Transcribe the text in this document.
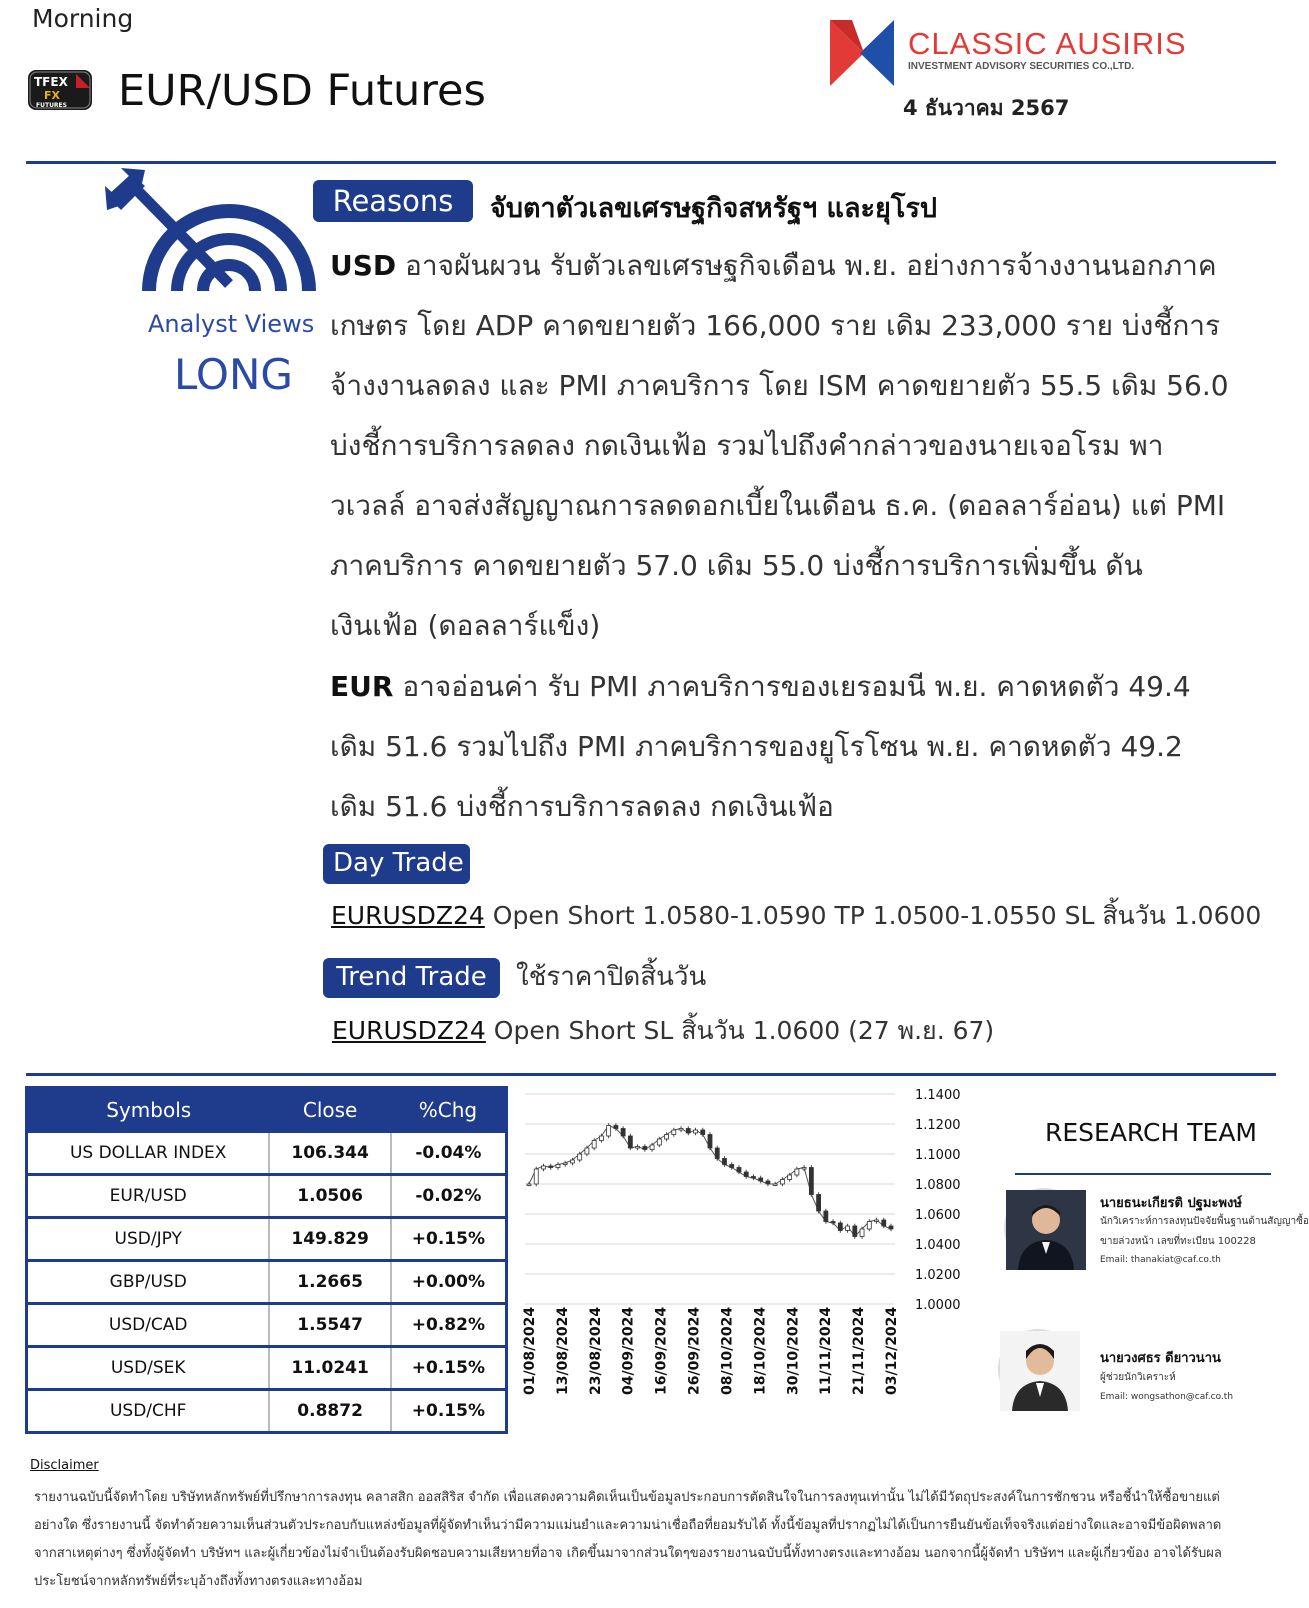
Morning
TFEX
FX
FUTURES EUR/USD Futures
CLASSIC AUSIRIS
INVESTMENT ADVISORY SECURITIES CO.,LTD.
4 ธันวาคม 2567
Analyst Views
LONG
Reasons	จับตาตัวเลขเศรษฐกิจสหรัฐฯ และยุโรป
USD อาจผันผวน รับตัวเลขเศรษฐกิจเดือน พ.ย. อย่างการจ้างงานนอกภาคเกษตร โดย ADP คาดขยายตัว 166,000 ราย เดิม 233,000 ราย บ่งชี้การจ้างงานลดลง และ PMI ภาคบริการ โดย ISM คาดขยายตัว 55.5 เดิม 56.0 บ่งชี้การบริการลดลง กดเงินเฟ้อ รวมไปถึงคำกล่าวของนายเจอโรม พาวเวลล์ อาจส่งสัญญาณการลดดอกเบี้ยในเดือน ธ.ค. (ดอลลาร์อ่อน) แต่ PMI ภาคบริการ คาดขยายตัว 57.0 เดิม 55.0 บ่งชี้การบริการเพิ่มขึ้น ดันเงินเฟ้อ (ดอลลาร์แข็ง)
EUR อาจอ่อนค่า รับ PMI ภาคบริการของเยรอมนี พ.ย. คาดหดตัว 49.4 เดิม 51.6 รวมไปถึง PMI ภาคบริการของยูโรโซน พ.ย. คาดหดตัว 49.2 เดิม 51.6 บ่งชี้การบริการลดลง กดเงินเฟ้อ
Day Trade
EURUSDZ24 Open Short 1.0580-1.0590 TP 1.0500-1.0550 SL สิ้นวัน 1.0600
Trend Trade	ใช้ราคาปิดสิ้นวัน
EURUSDZ24 Open Short SL สิ้นวัน 1.0600 (27 พ.ย. 67)
Symbols	Close	%Chg
US DOLLAR INDEX	106.344	-0.04%
EUR/USD	1.0506	-0.02%
USD/JPY	149.829	+0.15%
GBP/USD	1.2665	+0.00%
USD/CAD	1.5547	+0.82%
USD/SEK	11.0241	+0.15%
USD/CHF	0.8872	+0.15%
1.1400
1.1200
1.1000
1.0800
1.0600
1.0400
1.0200
1.0000
01/08/2024 13/08/2024 23/08/2024 04/09/2024 16/09/2024 26/09/2024 08/10/2024 18/10/2024 30/10/2024 11/11/2024 21/11/2024 03/12/2024
RESEARCH TEAM
นายธนะเกียรติ ปฐมะพงษ์
นักวิเคราะห์การลงทุนปัจจัยพื้นฐานด้านสัญญาซื้อ
ขายล่วงหน้า เลขที่ทะเบียน 100228
Email: thanakiat@caf.co.th
นายวงศธร ดียาวนาน
ผู้ช่วยนักวิเคราะห์
Email: wongsathon@caf.co.th
Disclaimer
รายงานฉบับนี้จัดทำโดย บริษัทหลักทรัพย์ที่ปรึกษาการลงทุน คลาสสิก ออสสิริส จำกัด เพื่อแสดงความคิดเห็นเป็นข้อมูลประกอบการตัดสินใจในการลงทุนเท่านั้น ไม่ได้มีวัตถุประสงค์ในการชักชวน หรือชี้นำให้ซื้อขายแต่อย่างใด ซึ่งรายงานนี้ จัดทำด้วยความเห็นส่วนตัวประกอบกับแหล่งข้อมูลที่ผู้จัดทำเห็นว่ามีความแม่นยำและความน่าเชื่อถือที่ยอมรับได้ ทั้งนี้ข้อมูลที่ปรากฏไม่ได้เป็นการยืนยันข้อเท็จจริงแต่อย่างใดและอาจมีข้อผิดพลาดจากสาเหตุต่างๆ ซึ่งทั้งผู้จัดทำ บริษัทฯ และผู้เกี่ยวข้องไม่จำเป็นต้องรับผิดชอบความเสียหายที่อาจ เกิดขึ้นมาจากส่วนใดๆของรายงานฉบับนี้ทั้งทางตรงและทางอ้อม นอกจากนี้ผู้จัดทำ บริษัทฯ และผู้เกี่ยวข้อง อาจได้รับผลประโยชน์จากหลักทรัพย์ที่ระบุอ้างถึงทั้งทางตรงและทางอ้อม
